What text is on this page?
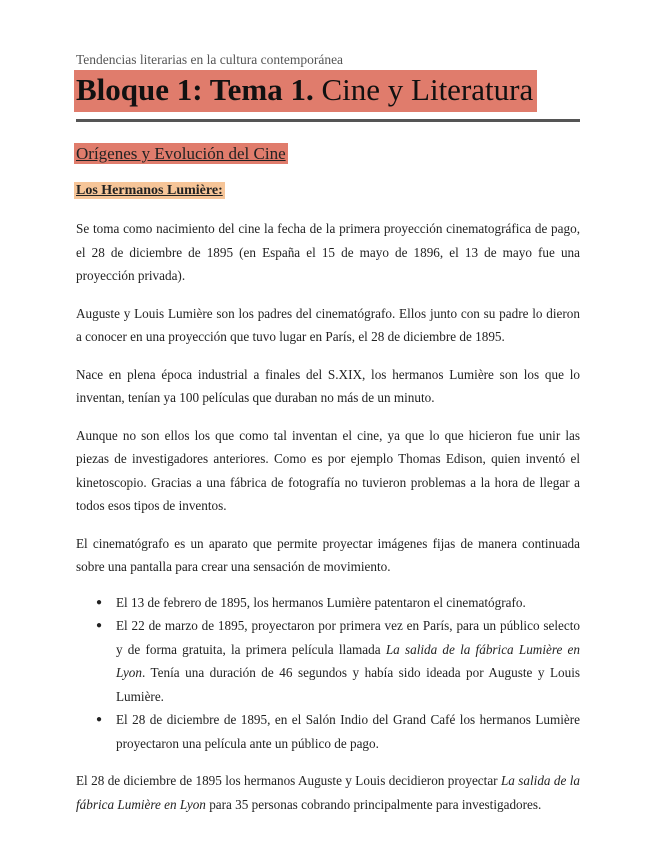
Tendencias literarias en la cultura contemporánea

Bloque 1: Tema 1. Cine y Literatura
Orígenes y Evolución del Cine
Los Hermanos Lumière:

Se toma como nacimiento del cine la fecha de la primera proyección cinematográfica de pago, el 28 de diciembre de 1895 (en España el 15 de mayo de 1896, el 13 de mayo fue una proyección privada).

Auguste y Louis Lumière son los padres del cinematógrafo. Ellos junto con su padre lo dieron a conocer en una proyección que tuvo lugar en París, el 28 de diciembre de 1895.

Nace en plena época industrial a finales del S.XIX, los hermanos Lumière son los que lo inventan, tenían ya 100 películas que duraban no más de un minuto.

Aunque no son ellos los que como tal inventan el cine, ya que lo que hicieron fue unir las piezas de investigadores anteriores. Como es por ejemplo Thomas Edison, quien inventó el kinetoscopio. Gracias a una fábrica de fotografía no tuvieron problemas a la hora de llegar a todos esos tipos de inventos.

El cinematógrafo es un aparato que permite proyectar imágenes fijas de manera continuada sobre una pantalla para crear una sensación de movimiento.

● El 13 de febrero de 1895, los hermanos Lumière patentaron el cinematógrafo.
● El 22 de marzo de 1895, proyectaron por primera vez en París, para un público selecto y de forma gratuita, la primera película llamada La salida de la fábrica Lumière en Lyon. Tenía una duración de 46 segundos y había sido ideada por Auguste y Louis Lumière.
● El 28 de diciembre de 1895, en el Salón Indio del Grand Café los hermanos Lumière proyectaron una película ante un público de pago.

El 28 de diciembre de 1895 los hermanos Auguste y Louis decidieron proyectar La salida de la fábrica Lumière en Lyon para 35 personas cobrando principalmente para investigadores.
